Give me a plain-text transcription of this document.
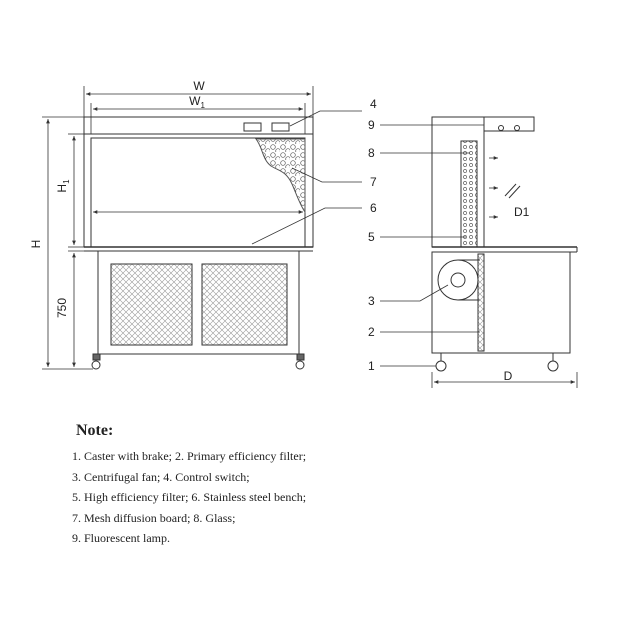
W
$W_1$
H
$H_1$
750
4
7
6	D1
D
9
8
5
3
2
1
Note:
1. Caster with brake; 2. Primary efficiency filter;
3. Centrifugal fan; 4. Control switch;
5. High efficiency filter; 6. Stainless steel bench;
7. Mesh diffusion board; 8. Glass;
9. Fluorescent lamp.
